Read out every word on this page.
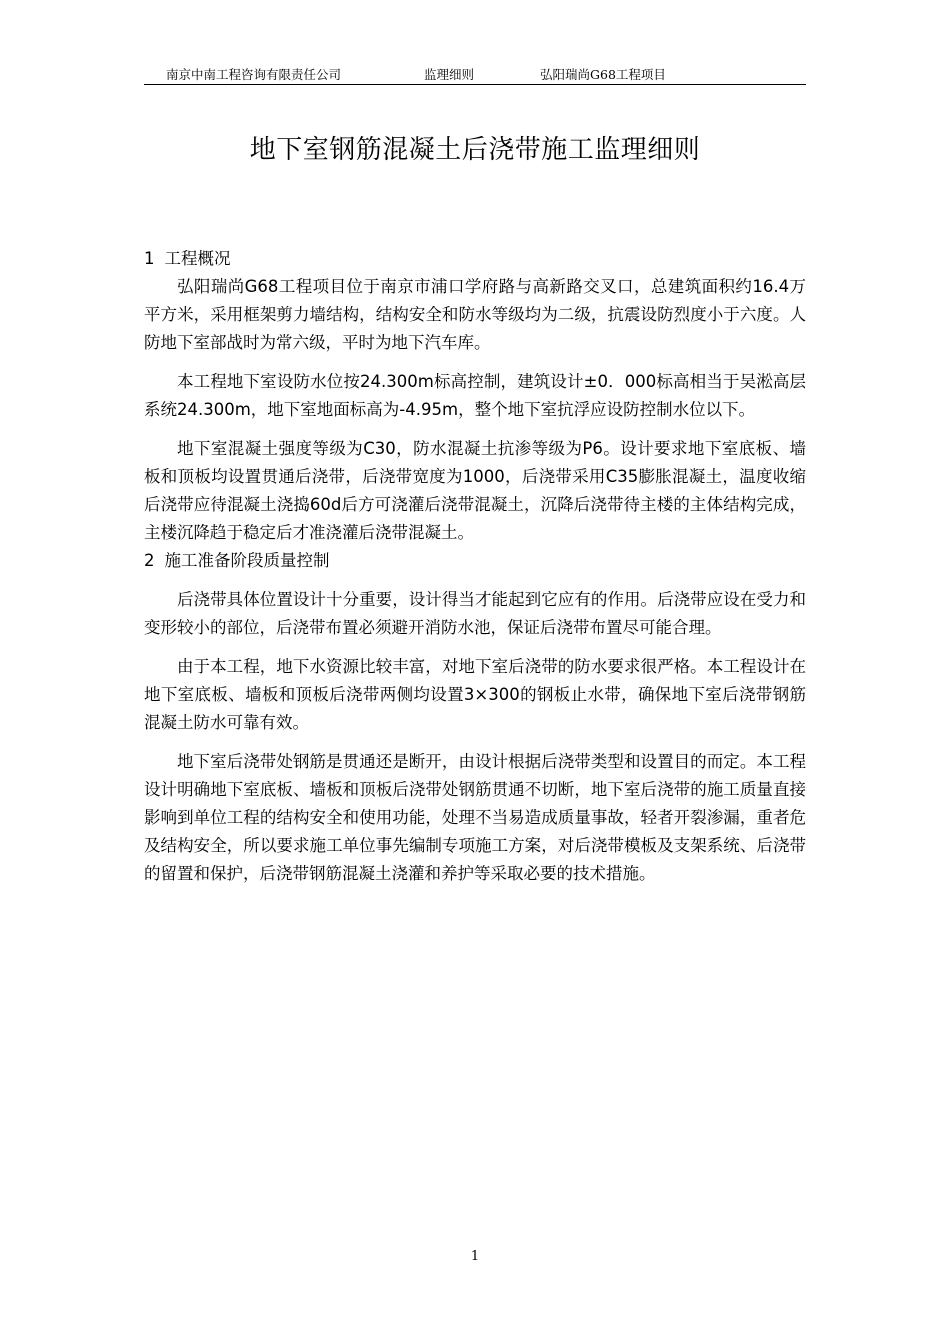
南京中南工程咨询有限责任公司	监理细则	弘阳瑞尚G68工程项目
地下室钢筋混凝土后浇带施工监理细则
1 工程概况

弘阳瑞尚G68工程项目位于南京市浦口学府路与高新路交叉口，总建筑面积约16.4万平方米，采用框架剪力墙结构，结构安全和防水等级均为二级，抗震设防烈度小于六度。人防地下室部战时为常六级，平时为地下汽车库。

本工程地下室设防水位按24.300m标高控制，建筑设计±0．000标高相当于吴淞高层系统24.300m，地下室地面标高为-4.95m，整个地下室抗浮应设防控制水位以下。

地下室混凝土强度等级为C30，防水混凝土抗渗等级为P6。设计要求地下室底板、墙板和顶板均设置贯通后浇带，后浇带宽度为1000，后浇带采用C35膨胀混凝土，温度收缩后浇带应待混凝土浇捣60d后方可浇灌后浇带混凝土，沉降后浇带待主楼的主体结构完成，主楼沉降趋于稳定后才准浇灌后浇带混凝土。

2 施工准备阶段质量控制

后浇带具体位置设计十分重要，设计得当才能起到它应有的作用。后浇带应设在受力和变形较小的部位，后浇带布置必须避开消防水池，保证后浇带布置尽可能合理。

由于本工程，地下水资源比较丰富，对地下室后浇带的防水要求很严格。本工程设计在地下室底板、墙板和顶板后浇带两侧均设置3×300的钢板止水带，确保地下室后浇带钢筋混凝土防水可靠有效。

地下室后浇带处钢筋是贯通还是断开，由设计根据后浇带类型和设置目的而定。本工程设计明确地下室底板、墙板和顶板后浇带处钢筋贯通不切断，地下室后浇带的施工质量直接影响到单位工程的结构安全和使用功能，处理不当易造成质量事故，轻者开裂渗漏，重者危及结构安全，所以要求施工单位事先编制专项施工方案，对后浇带模板及支架系统、后浇带的留置和保护，后浇带钢筋混凝土浇灌和养护等采取必要的技术措施。

1
